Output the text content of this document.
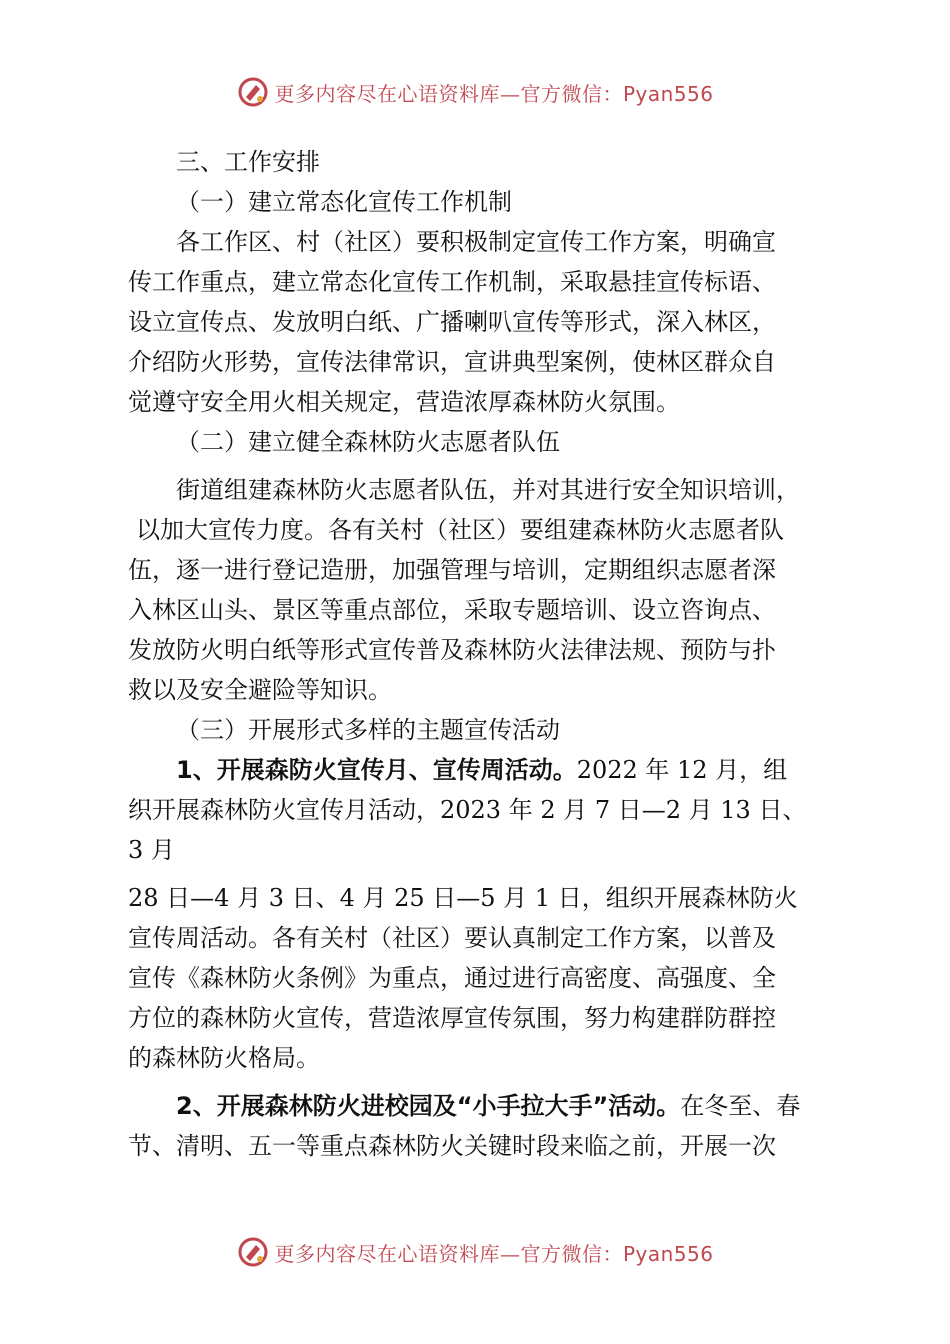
更多内容尽在心语资料库—官方微信：Pyan556
三、工作安排
（一）建立常态化宣传工作机制
各工作区、村（社区）要积极制定宣传工作方案，明确宣
传工作重点，建立常态化宣传工作机制，采取悬挂宣传标语、
设立宣传点、发放明白纸、广播喇叭宣传等形式，深入林区，
介绍防火形势，宣传法律常识，宣讲典型案例，使林区群众自
觉遵守安全用火相关规定，营造浓厚森林防火氛围。
（二）建立健全森林防火志愿者队伍
街道组建森林防火志愿者队伍，并对其进行安全知识培训，
以加大宣传力度。各有关村（社区）要组建森林防火志愿者队
伍，逐一进行登记造册，加强管理与培训，定期组织志愿者深
入林区山头、景区等重点部位，采取专题培训、设立咨询点、
发放防火明白纸等形式宣传普及森林防火法律法规、预防与扑
救以及安全避险等知识。
（三）开展形式多样的主题宣传活动
1、开展森防火宣传月、宣传周活动。2022 年 12 月，组
织开展森林防火宣传月活动，2023 年 2 月 7 日—2 月 13 日、
3 月
28 日—4 月 3 日、4 月 25 日—5 月 1 日，组织开展森林防火
宣传周活动。各有关村（社区）要认真制定工作方案，以普及
宣传《森林防火条例》为重点，通过进行高密度、高强度、全
方位的森林防火宣传，营造浓厚宣传氛围，努力构建群防群控
的森林防火格局。
2、开展森林防火进校园及“小手拉大手”活动。在冬至、春
节、清明、五一等重点森林防火关键时段来临之前，开展一次
更多内容尽在心语资料库—官方微信：Pyan556
